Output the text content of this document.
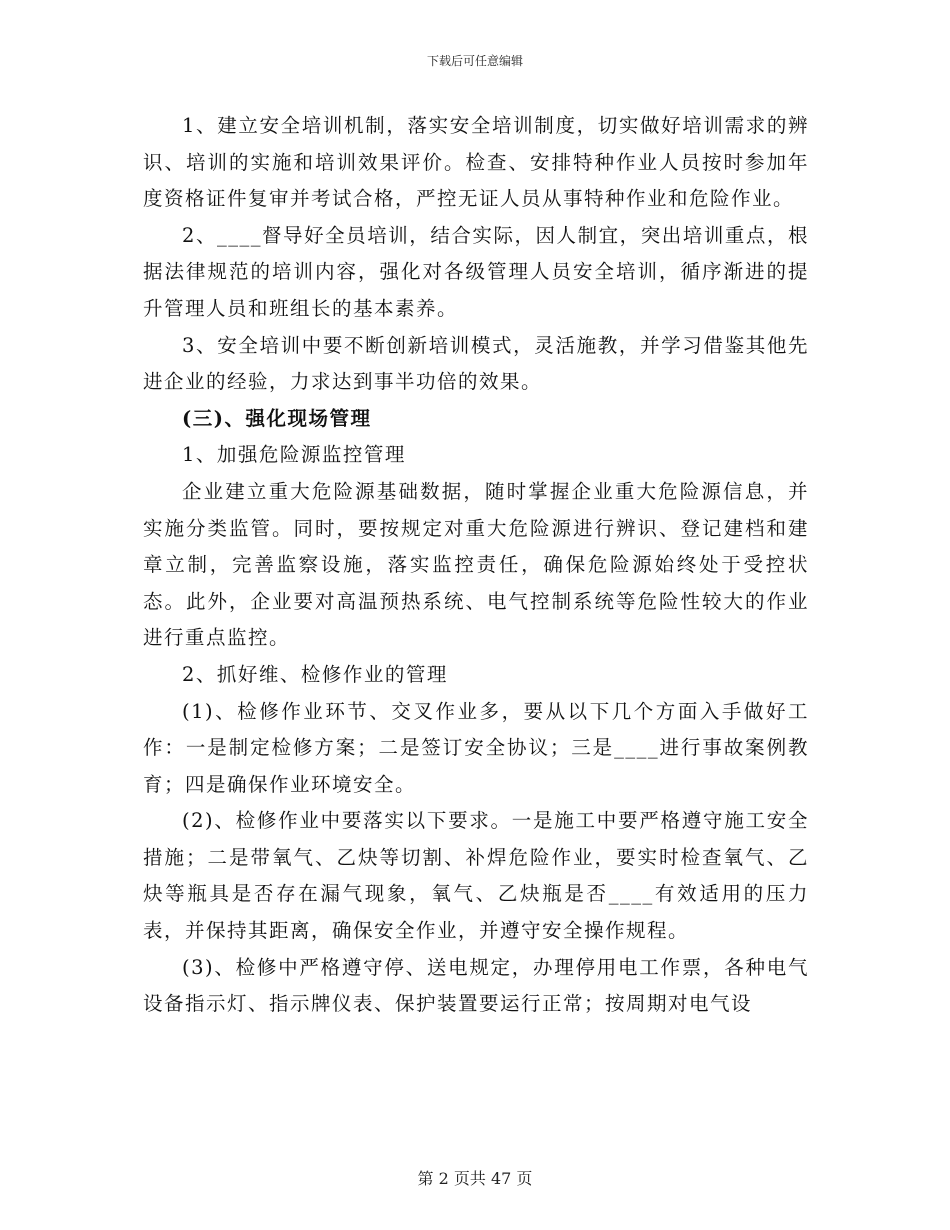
下载后可任意编辑

1、建立安全培训机制，落实安全培训制度，切实做好培训需求的辨识、培训的实施和培训效果评价。检查、安排特种作业人员按时参加年度资格证件复审并考试合格，严控无证人员从事特种作业和危险作业。

2、____督导好全员培训，结合实际，因人制宜，突出培训重点，根据法律规范的培训内容，强化对各级管理人员安全培训，循序渐进的提升管理人员和班组长的基本素养。

3、安全培训中要不断创新培训模式，灵活施教，并学习借鉴其他先进企业的经验，力求达到事半功倍的效果。

(三)、强化现场管理

1、加强危险源监控管理

企业建立重大危险源基础数据，随时掌握企业重大危险源信息，并实施分类监管。同时，要按规定对重大危险源进行辨识、登记建档和建章立制，完善监察设施，落实监控责任，确保危险源始终处于受控状态。此外，企业要对高温预热系统、电气控制系统等危险性较大的作业进行重点监控。

2、抓好维、检修作业的管理

(1)、检修作业环节、交叉作业多，要从以下几个方面入手做好工作：一是制定检修方案；二是签订安全协议；三是____进行事故案例教育；四是确保作业环境安全。

(2)、检修作业中要落实以下要求。一是施工中要严格遵守施工安全措施；二是带氧气、乙炔等切割、补焊危险作业，要实时检查氧气、乙炔等瓶具是否存在漏气现象，氧气、乙炔瓶是否____有效适用的压力表，并保持其距离，确保安全作业，并遵守安全操作规程。

(3)、检修中严格遵守停、送电规定，办理停用电工作票，各种电气设备指示灯、指示牌仪表、保护装置要运行正常；按周期对电气设

第 2 页共 47 页
